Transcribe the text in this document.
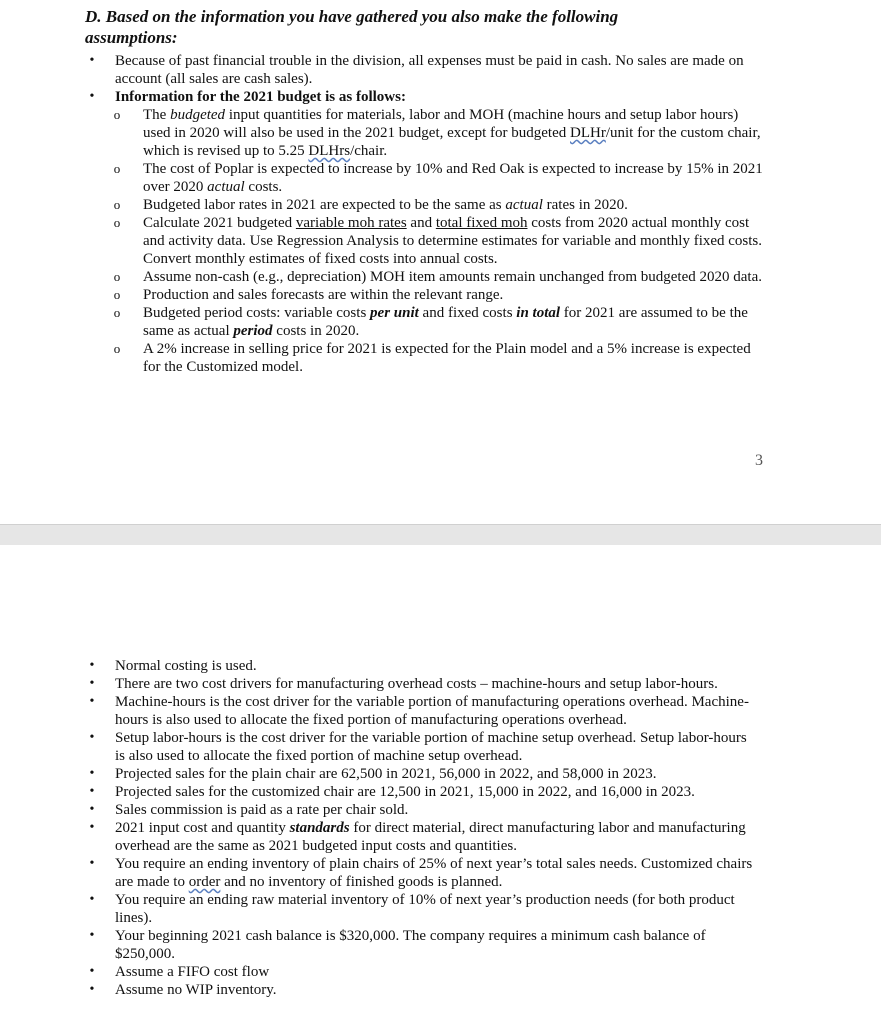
D. Based on the information you have gathered you also make the following
assumptions:
• Because of past financial trouble in the division, all expenses must be paid in cash. No sales are made on account (all sales are cash sales).
• Information for the 2021 budget is as follows:
o The budgeted input quantities for materials, labor and MOH (machine hours and setup labor hours) used in 2020 will also be used in the 2021 budget, except for budgeted DLHr/unit for the custom chair, which is revised up to 5.25 DLHrs/chair.
o The cost of Poplar is expected to increase by 10% and Red Oak is expected to increase by 15% in 2021 over 2020 actual costs.
o Budgeted labor rates in 2021 are expected to be the same as actual rates in 2020.
o Calculate 2021 budgeted variable moh rates and total fixed moh costs from 2020 actual monthly cost and activity data. Use Regression Analysis to determine estimates for variable and monthly fixed costs. Convert monthly estimates of fixed costs into annual costs.
o Assume non-cash (e.g., depreciation) MOH item amounts remain unchanged from budgeted 2020 data.
o Production and sales forecasts are within the relevant range.
o Budgeted period costs: variable costs per unit and fixed costs in total for 2021 are assumed to be the same as actual period costs in 2020.
o A 2% increase in selling price for 2021 is expected for the Plain model and a 5% increase is expected for the Customized model.
3
• Normal costing is used.
• There are two cost drivers for manufacturing overhead costs – machine-hours and setup labor-hours.
• Machine-hours is the cost driver for the variable portion of manufacturing operations overhead. Machine-hours is also used to allocate the fixed portion of manufacturing operations overhead.
• Setup labor-hours is the cost driver for the variable portion of machine setup overhead. Setup labor-hours is also used to allocate the fixed portion of machine setup overhead.
• Projected sales for the plain chair are 62,500 in 2021, 56,000 in 2022, and 58,000 in 2023.
• Projected sales for the customized chair are 12,500 in 2021, 15,000 in 2022, and 16,000 in 2023.
• Sales commission is paid as a rate per chair sold.
• 2021 input cost and quantity standards for direct material, direct manufacturing labor and manufacturing overhead are the same as 2021 budgeted input costs and quantities.
• You require an ending inventory of plain chairs of 25% of next year’s total sales needs. Customized chairs are made to order and no inventory of finished goods is planned.
• You require an ending raw material inventory of 10% of next year’s production needs (for both product lines).
• Your beginning 2021 cash balance is $320,000. The company requires a minimum cash balance of $250,000.
• Assume a FIFO cost flow
• Assume no WIP inventory.
